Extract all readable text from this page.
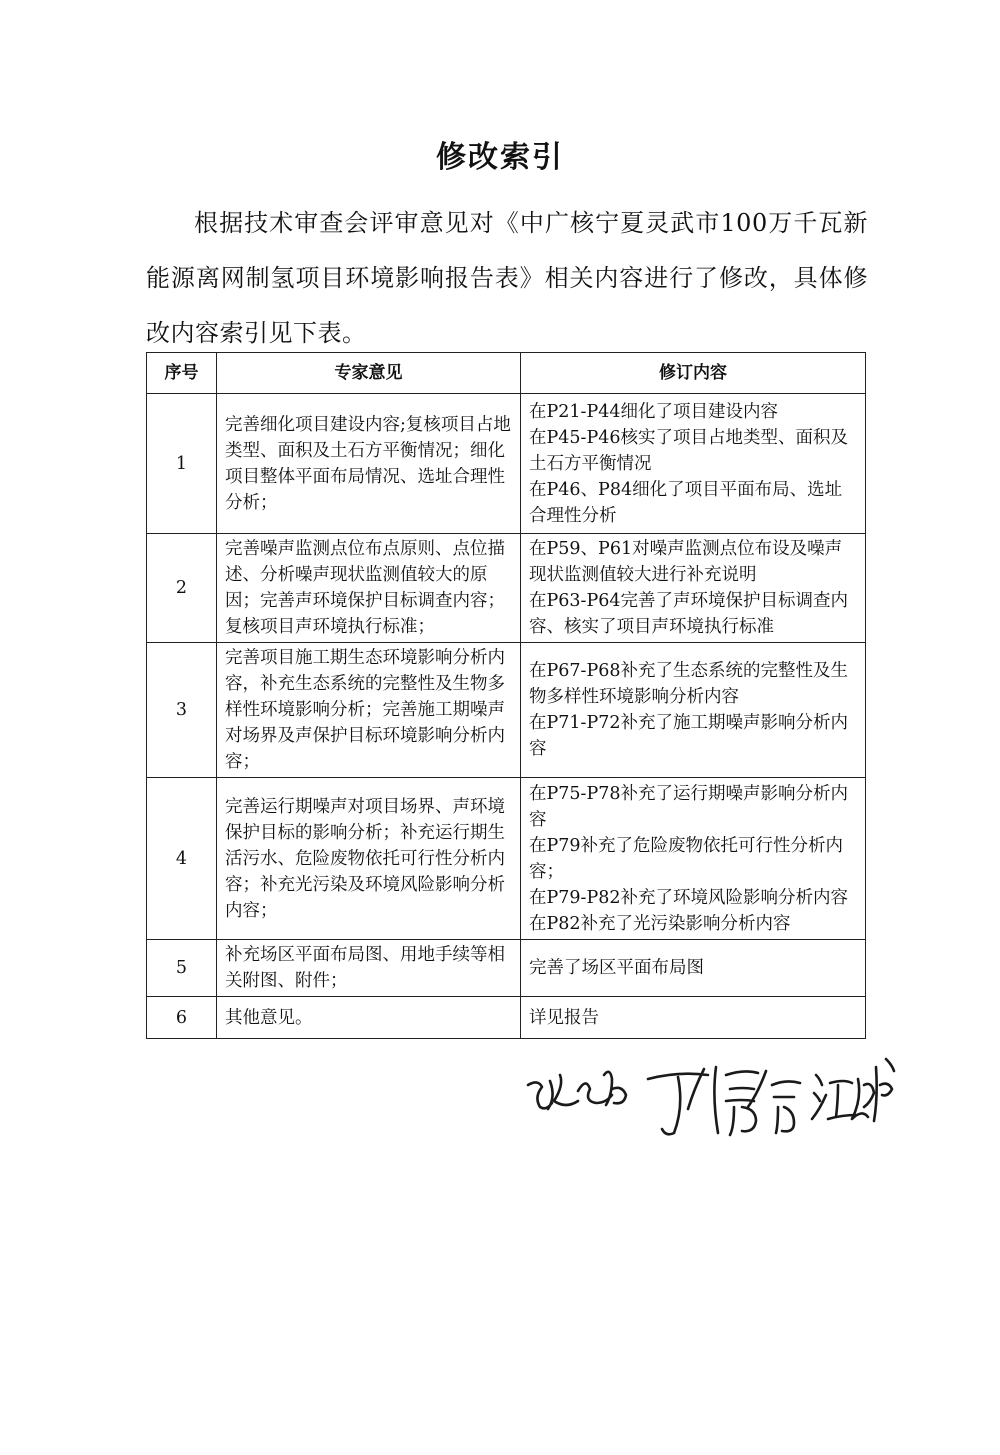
修改索引

根据技术审查会评审意见对《中广核宁夏灵武市100万千瓦新能源离网制氢项目环境影响报告表》相关内容进行了修改，具体修改内容索引见下表。

序号	专家意见	修订内容
1	完善细化项目建设内容;复核项目占地类型、面积及土石方平衡情况；细化项目整体平面布局情况、选址合理性分析；	在P21-P44细化了项目建设内容
在P45-P46核实了项目占地类型、面积及土石方平衡情况
在P46、P84细化了项目平面布局、选址合理性分析

2	完善噪声监测点位布点原则、点位描述、分析噪声现状监测值较大的原因；完善声环境保护目标调查内容；复核项目声环境执行标准；	在P59、P61对噪声监测点位布设及噪声现状监测值较大进行补充说明
在P63-P64完善了声环境保护目标调查内容、核实了项目声环境执行标准

3	完善项目施工期生态环境影响分析内容，补充生态系统的完整性及生物多样性环境影响分析；完善施工期噪声对场界及声保护目标环境影响分析内容；	在P67-P68补充了生态系统的完整性及生物多样性环境影响分析内容
在P71-P72补充了施工期噪声影响分析内容

4	完善运行期噪声对项目场界、声环境保护目标的影响分析；补充运行期生活污水、危险废物依托可行性分析内容；补充光污染及环境风险影响分析内容；	在P75-P78补充了运行期噪声影响分析内容
在P79补充了危险废物依托可行性分析内容；
在P79-P82补充了环境风险影响分析内容
在P82补充了光污染影响分析内容

5	补充场区平面布局图、用地手续等相关附图、附件；	完善了场区平面布局图

6	其他意见。	详见报告
